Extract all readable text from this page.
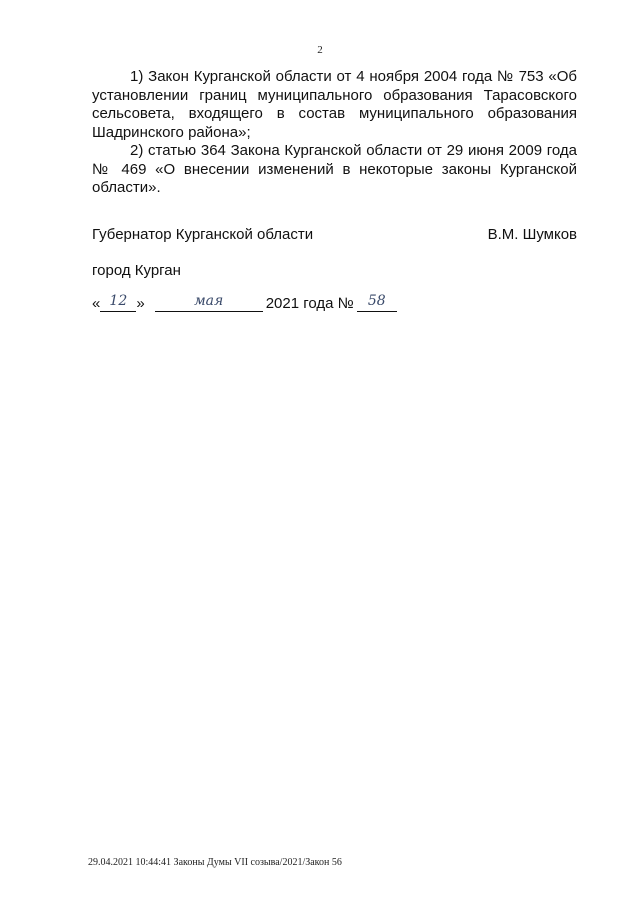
2

1) Закон Курганской области от 4 ноября 2004 года № 753 «Об установлении границ муниципального образования Тарасовского сельсовета, входящего в состав муниципального образования Шадринского района»;

2) статью 364 Закона Курганской области от 29 июня 2009 года № 469 «О внесении изменений в некоторые законы Курганской области».

Губернатор Курганской области	В.М. Шумков
город Курган
« 12 »	мая	2021 года №	58
29.04.2021 10:44:41 Законы Думы VII созыва/2021/Закон 56
